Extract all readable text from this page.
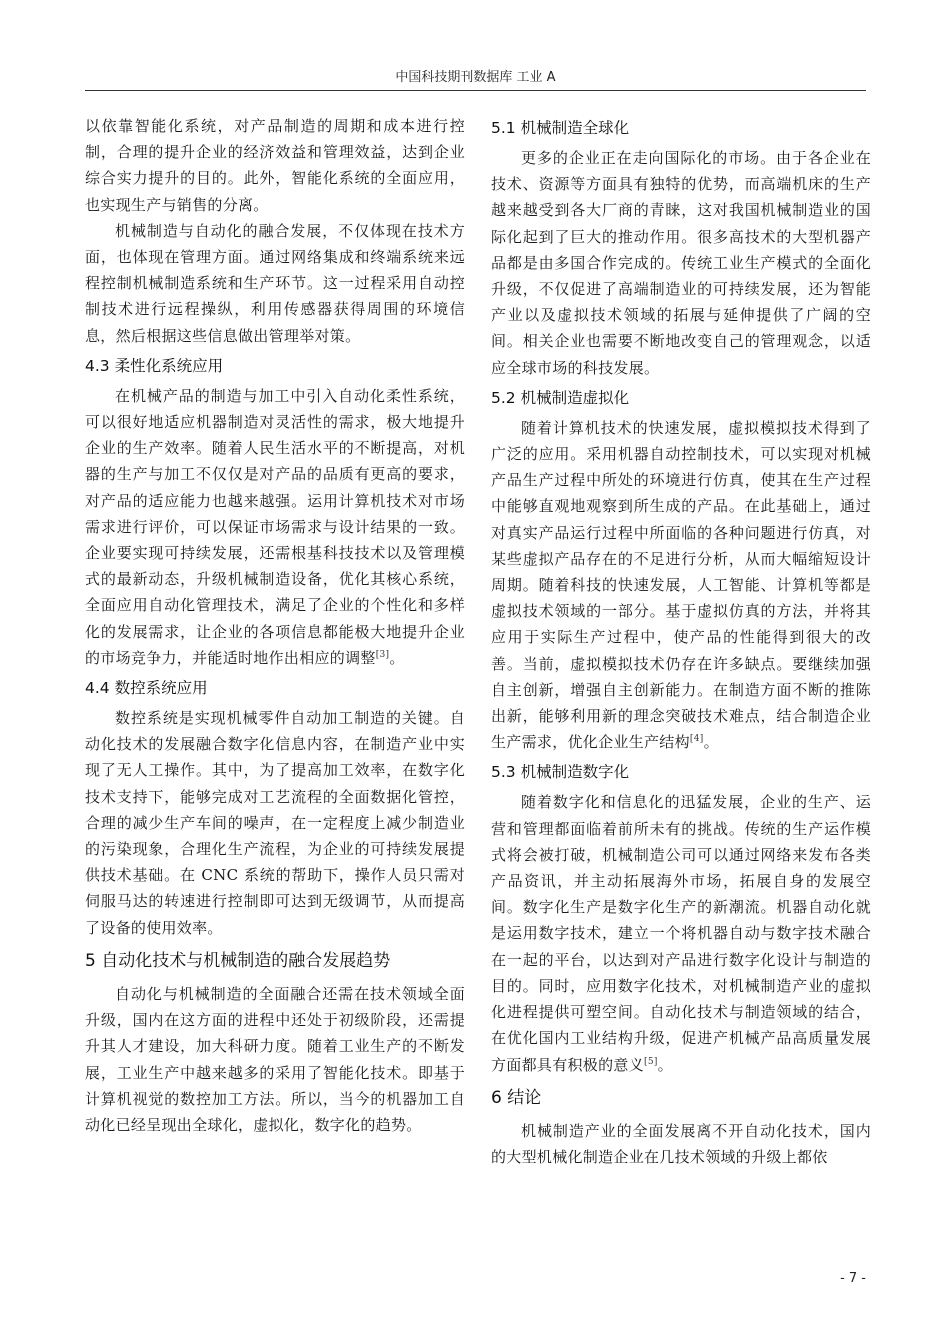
中国科技期刊数据库 工业 A

以依靠智能化系统，对产品制造的周期和成本进行控制，合理的提升企业的经济效益和管理效益，达到企业综合实力提升的目的。此外，智能化系统的全面应用，也实现生产与销售的分离。

机械制造与自动化的融合发展，不仅体现在技术方面，也体现在管理方面。通过网络集成和终端系统来远程控制机械制造系统和生产环节。这一过程采用自动控制技术进行远程操纵，利用传感器获得周围的环境信息，然后根据这些信息做出管理举对策。

4.3 柔性化系统应用

在机械产品的制造与加工中引入自动化柔性系统，可以很好地适应机器制造对灵活性的需求，极大地提升企业的生产效率。随着人民生活水平的不断提高，对机器的生产与加工不仅仅是对产品的品质有更高的要求，对产品的适应能力也越来越强。运用计算机技术对市场需求进行评价，可以保证市场需求与设计结果的一致。企业要实现可持续发展，还需根基科技技术以及管理模式的最新动态，升级机械制造设备，优化其核心系统，全面应用自动化管理技术，满足了企业的个性化和多样化的发展需求，让企业的各项信息都能极大地提升企业的市场竞争力，并能适时地作出相应的调整[3]。

4.4 数控系统应用

数控系统是实现机械零件自动加工制造的关键。自动化技术的发展融合数字化信息内容，在制造产业中实现了无人工操作。其中，为了提高加工效率，在数字化技术支持下，能够完成对工艺流程的全面数据化管控，合理的减少生产车间的噪声，在一定程度上减少制造业的污染现象，合理化生产流程，为企业的可持续发展提供技术基础。在 CNC 系统的帮助下，操作人员只需对伺服马达的转速进行控制即可达到无级调节，从而提高了设备的使用效率。

5 自动化技术与机械制造的融合发展趋势

自动化与机械制造的全面融合还需在技术领域全面升级，国内在这方面的进程中还处于初级阶段，还需提升其人才建设，加大科研力度。随着工业生产的不断发展，工业生产中越来越多的采用了智能化技术。即基于计算机视觉的数控加工方法。所以，当今的机器加工自动化已经呈现出全球化，虚拟化，数字化的趋势。

5.1 机械制造全球化

更多的企业正在走向国际化的市场。由于各企业在技术、资源等方面具有独特的优势，而高端机床的生产越来越受到各大厂商的青睐，这对我国机械制造业的国际化起到了巨大的推动作用。很多高技术的大型机器产品都是由多国合作完成的。传统工业生产模式的全面化升级，不仅促进了高端制造业的可持续发展，还为智能产业以及虚拟技术领域的拓展与延伸提供了广阔的空间。相关企业也需要不断地改变自己的管理观念，以适应全球市场的科技发展。

5.2 机械制造虚拟化

随着计算机技术的快速发展，虚拟模拟技术得到了广泛的应用。采用机器自动控制技术，可以实现对机械产品生产过程中所处的环境进行仿真，使其在生产过程中能够直观地观察到所生成的产品。在此基础上，通过对真实产品运行过程中所面临的各种问题进行仿真，对某些虚拟产品存在的不足进行分析，从而大幅缩短设计周期。随着科技的快速发展，人工智能、计算机等都是虚拟技术领域的一部分。基于虚拟仿真的方法，并将其应用于实际生产过程中，使产品的性能得到很大的改善。当前，虚拟模拟技术仍存在许多缺点。要继续加强自主创新，增强自主创新能力。在制造方面不断的推陈出新，能够利用新的理念突破技术难点，结合制造企业生产需求，优化企业生产结构[4]。

5.3 机械制造数字化

随着数字化和信息化的迅猛发展，企业的生产、运营和管理都面临着前所未有的挑战。传统的生产运作模式将会被打破，机械制造公司可以通过网络来发布各类产品资讯，并主动拓展海外市场，拓展自身的发展空间。数字化生产是数字化生产的新潮流。机器自动化就是运用数字技术，建立一个将机器自动与数字技术融合在一起的平台，以达到对产品进行数字化设计与制造的目的。同时，应用数字化技术，对机械制造产业的虚拟化进程提供可塑空间。自动化技术与制造领域的结合，在优化国内工业结构升级，促进产机械产品高质量发展方面都具有积极的意义[5]。

6 结论

机械制造产业的全面发展离不开自动化技术，国内的大型机械化制造企业在几技术领域的升级上都依

- 7 -
